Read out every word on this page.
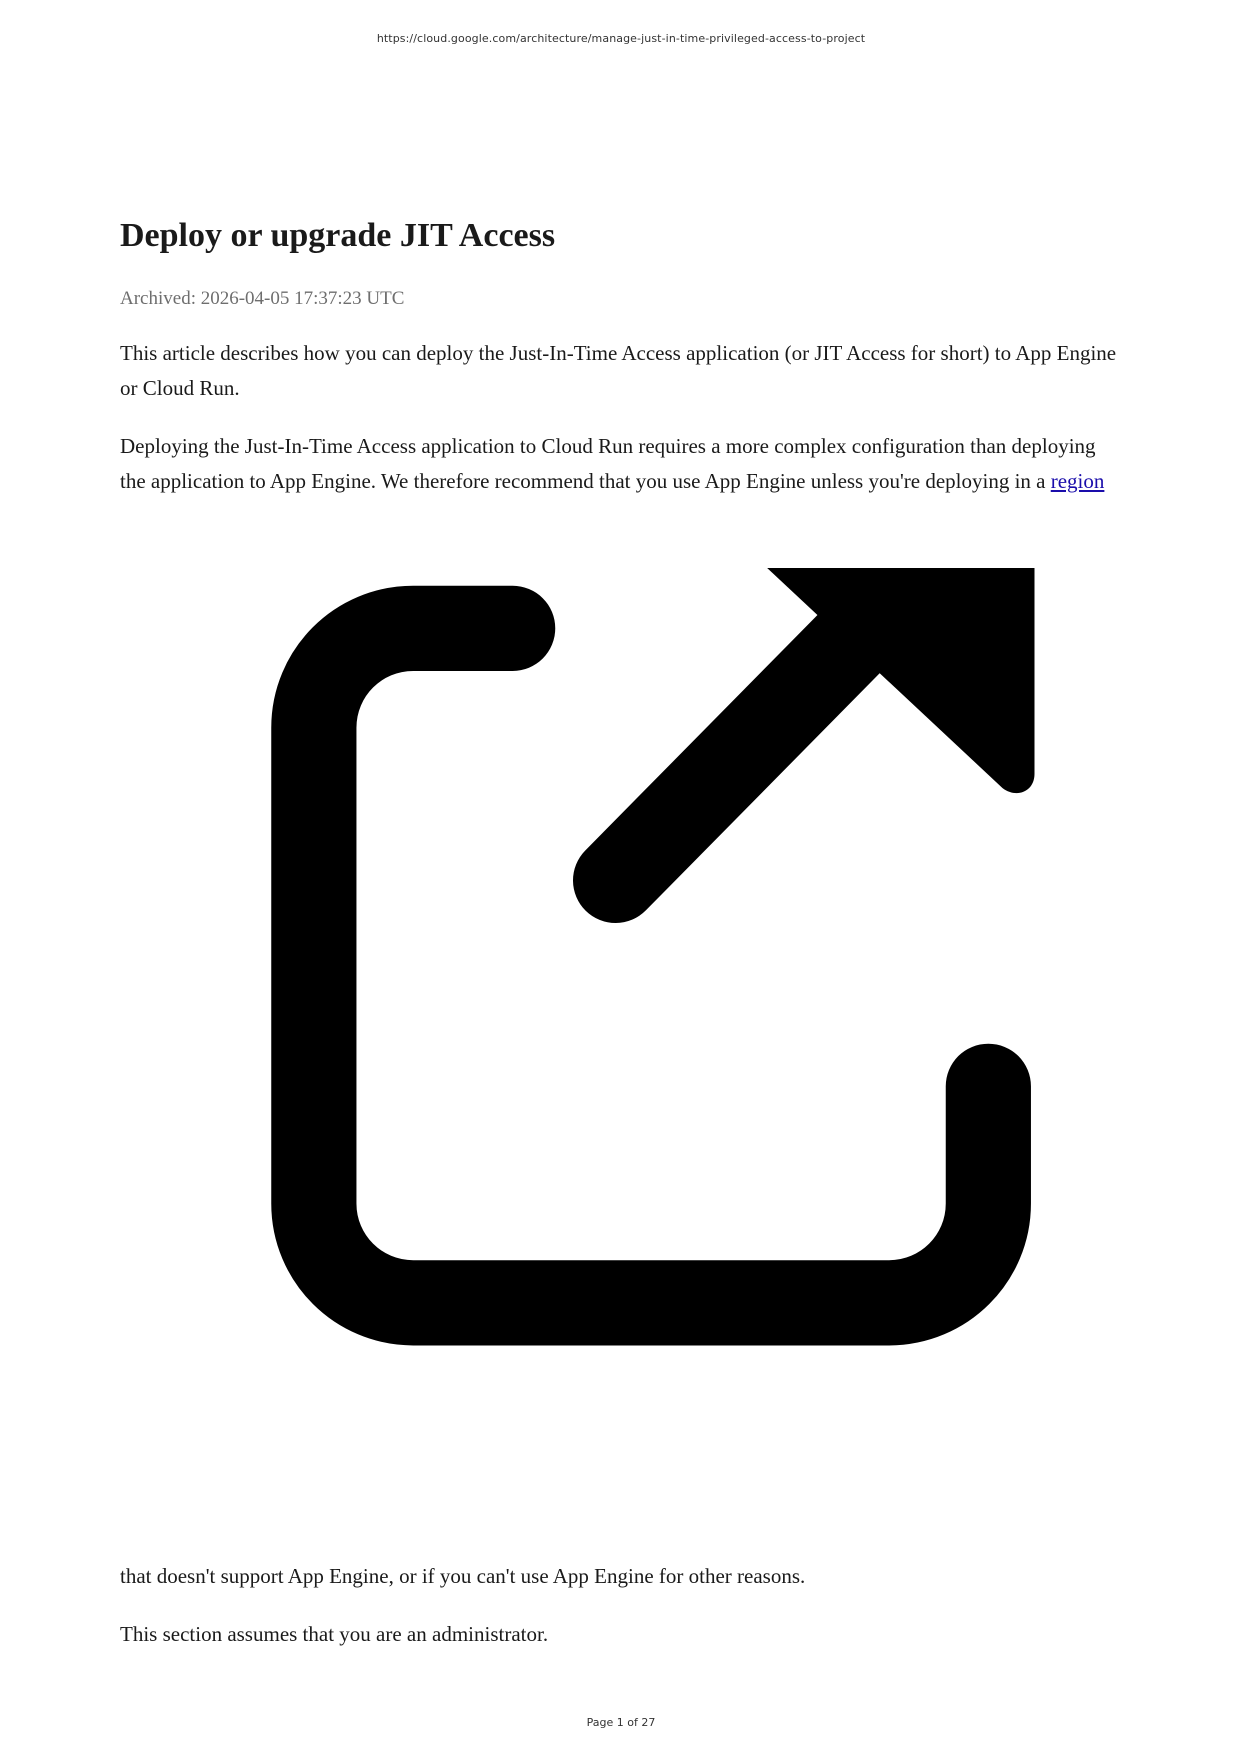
https://cloud.google.com/architecture/manage-just-in-time-privileged-access-to-project
Deploy or upgrade JIT Access
Archived: 2026-04-05 17:37:23 UTC

This article describes how you can deploy the Just-In-Time Access application (or JIT Access for short) to App Engine or Cloud Run.

Deploying the Just-In-Time Access application to Cloud Run requires a more complex configuration than deploying the application to App Engine. We therefore recommend that you use App Engine unless you're deploying in a region

that doesn't support App Engine, or if you can't use App Engine for other reasons.

This section assumes that you are an administrator.

Page 1 of 27
